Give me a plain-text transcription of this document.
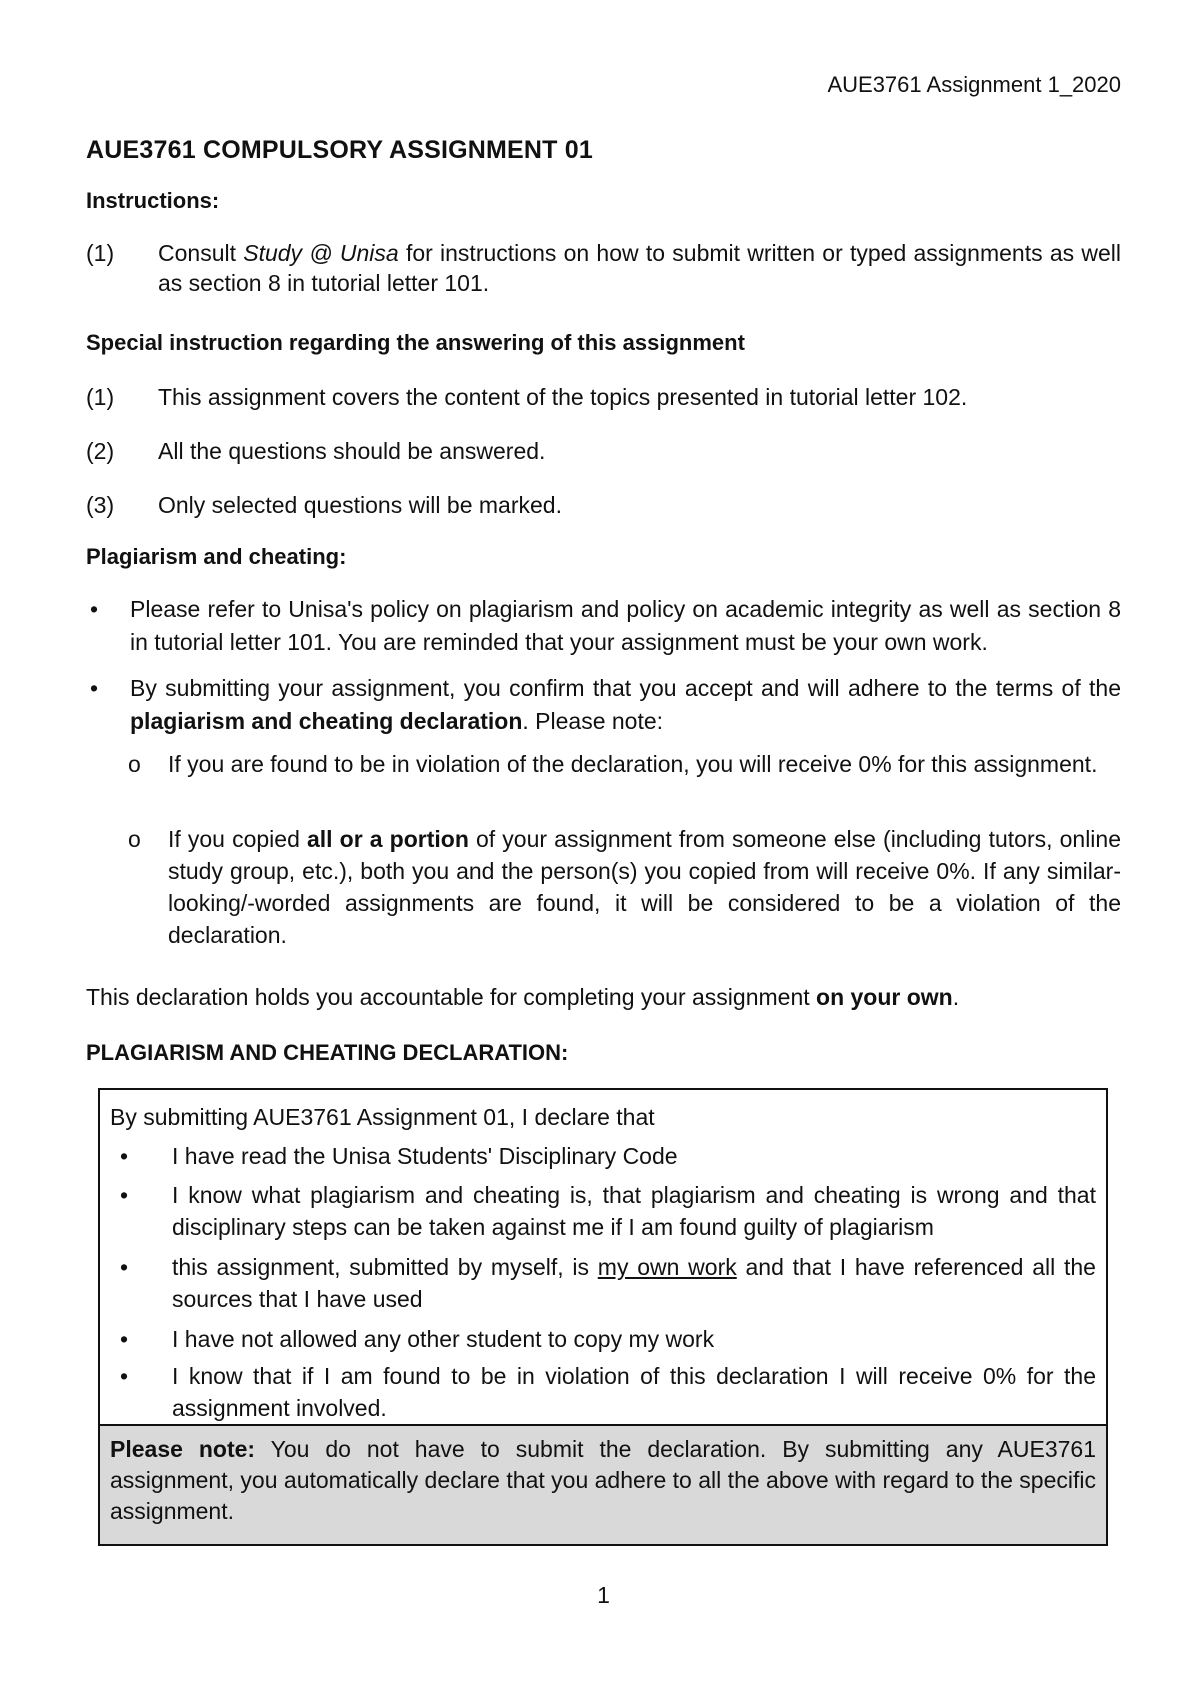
AUE3761 Assignment 1_2020
AUE3761 COMPULSORY ASSIGNMENT 01
Instructions:
(1)	Consult Study @ Unisa for instructions on how to submit written or typed assignments as well as section 8 in tutorial letter 101.
Special instruction regarding the answering of this assignment
(1)	This assignment covers the content of the topics presented in tutorial letter 102.
(2)	All the questions should be answered.
(3)	Only selected questions will be marked.
Plagiarism and cheating:
•	Please refer to Unisa's policy on plagiarism and policy on academic integrity as well as section 8 in tutorial letter 101. You are reminded that your assignment must be your own work.
•	By submitting your assignment, you confirm that you accept and will adhere to the terms of the plagiarism and cheating declaration. Please note:
o	If you are found to be in violation of the declaration, you will receive 0% for this assignment.
o	If you copied all or a portion of your assignment from someone else (including tutors, online study group, etc.), both you and the person(s) you copied from will receive 0%. If any similar-looking/-worded assignments are found, it will be considered to be a violation of the declaration.
This declaration holds you accountable for completing your assignment on your own.
PLAGIARISM AND CHEATING DECLARATION:
By submitting AUE3761 Assignment 01, I declare that
•	I have read the Unisa Students' Disciplinary Code
•	I know what plagiarism and cheating is, that plagiarism and cheating is wrong and that disciplinary steps can be taken against me if I am found guilty of plagiarism
•	this assignment, submitted by myself, is my own work and that I have referenced all the sources that I have used
•	I have not allowed any other student to copy my work
•	I know that if I am found to be in violation of this declaration I will receive 0% for the assignment involved.
Please note: You do not have to submit the declaration. By submitting any AUE3761 assignment, you automatically declare that you adhere to all the above with regard to the specific assignment.
1
